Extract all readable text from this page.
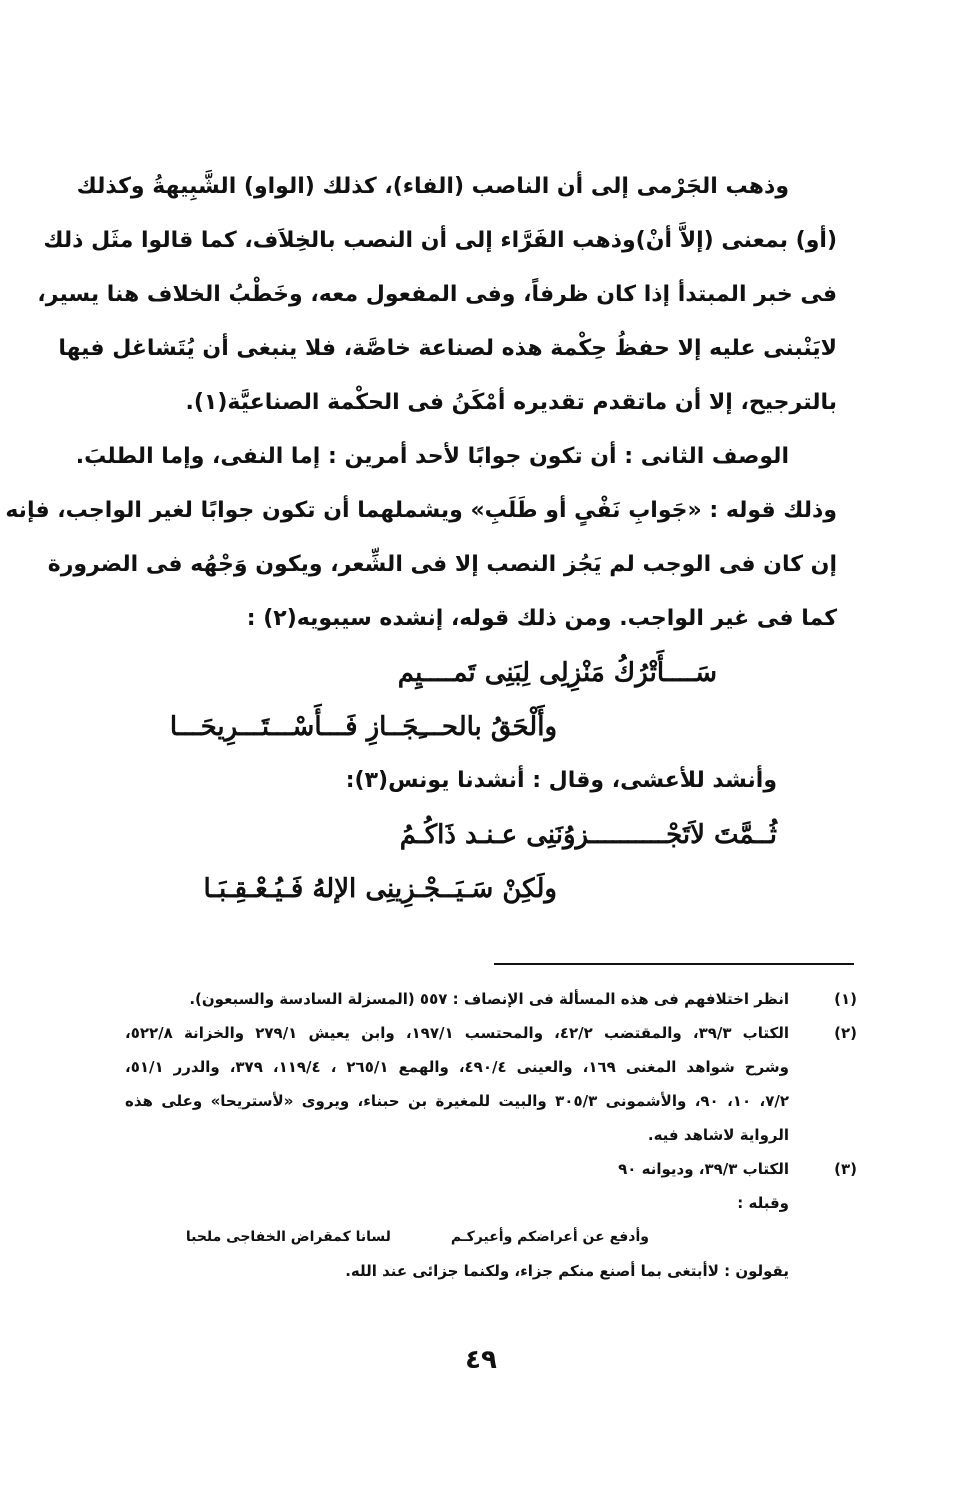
وذهب الجَرْمى إلى أن الناصب (الفاء)، كذلك (الواو) الشَّبِيهةُ وكذلك
(أو) بمعنى (إلاَّ أنْ)وذهب الفَرَّاء إلى أن النصب بالخِلاَف، كما قالوا مثَل ذلك
فى خبر المبتدأ إذا كان ظرفاً، وفى المفعول معه، وخَطْبُ الخلاف هنا يسير،
لايَنْبنى عليه إلا حفظُ حِكْمة هذه لصناعة خاصَّة، فلا ينبغى أن يُتَشاغل فيها
بالترجيح، إلا أن ماتقدم تقديره أمْكَنُ فى الحكْمة الصناعيَّة(١).

الوصف الثانى : أن تكون جوابًا لأحد أمرين : إما النفى، وإما الطلبَ.
وذلك قوله : «جَوابِ نَفْىٍ أو طَلَبِ» ويشملهما أن تكون جوابًا لغير الواجب، فإنه
إن كان فى الوجب لم يَجُز النصب إلا فى الشِّعر، ويكون وَجْهُه فى الضرورة
كما فى غير الواجب. ومن ذلك قوله، إنشده سيبويه(٢) :

سَــــأَتْرُكُ مَنْزِلِى لِبَنِى تَمــــيِم
وأَلْحَقُ بالحـــِجَــازِ فَـــأَسْـــتَـــرِيحَـــا
وأنشد للأعشى، وقال : أنشدنا يونس(٣):
ثُــمَّتَ لاَتَجْــــــــــزوُنَنِى عـنـد ذَاكُـمُ
ولَكِنْ سَـيَــجْـزِينِى الإلهُ فَـيُـعْـقِـبَـا
(١)
انظر اختلافهم فى هذه المسألة فى الإنصاف : ٥٥٧ (المسزلة السادسة والسبعون).
(٢)
الكتاب ٣٩/٣، والمقتضب ٤٢/٢، والمحتسب ١٩٧/١، وابن يعيش ٢٧٩/١ والخزانة ٥٢٢/٨،
وشرح شواهد المغنى ١٦٩، والعينى ٤٩٠/٤، والهمع ٢٦٥/١ ، ١١٩/٤، ٣٧٩، والدرر ٥١/١،
٧/٢، ١٠، ٩٠، والأشمونى ٣٠٥/٣ والبيت للمغيرة بن حبناء، ويروى «لأستريحا» وعلى هذه
الرواية لاشاهد فيه.
(٣)
الكتاب ٣٩/٣، وديوانه ٩٠
وقبله :
وأدفع عن أعراضكم وأعيركـم
لسانا كمقراض الخفاجى ملحبا
يقولون : لاأبتغى بما أصنع منكم جزاء، ولكنما جزائى عند الله.
٤٩
